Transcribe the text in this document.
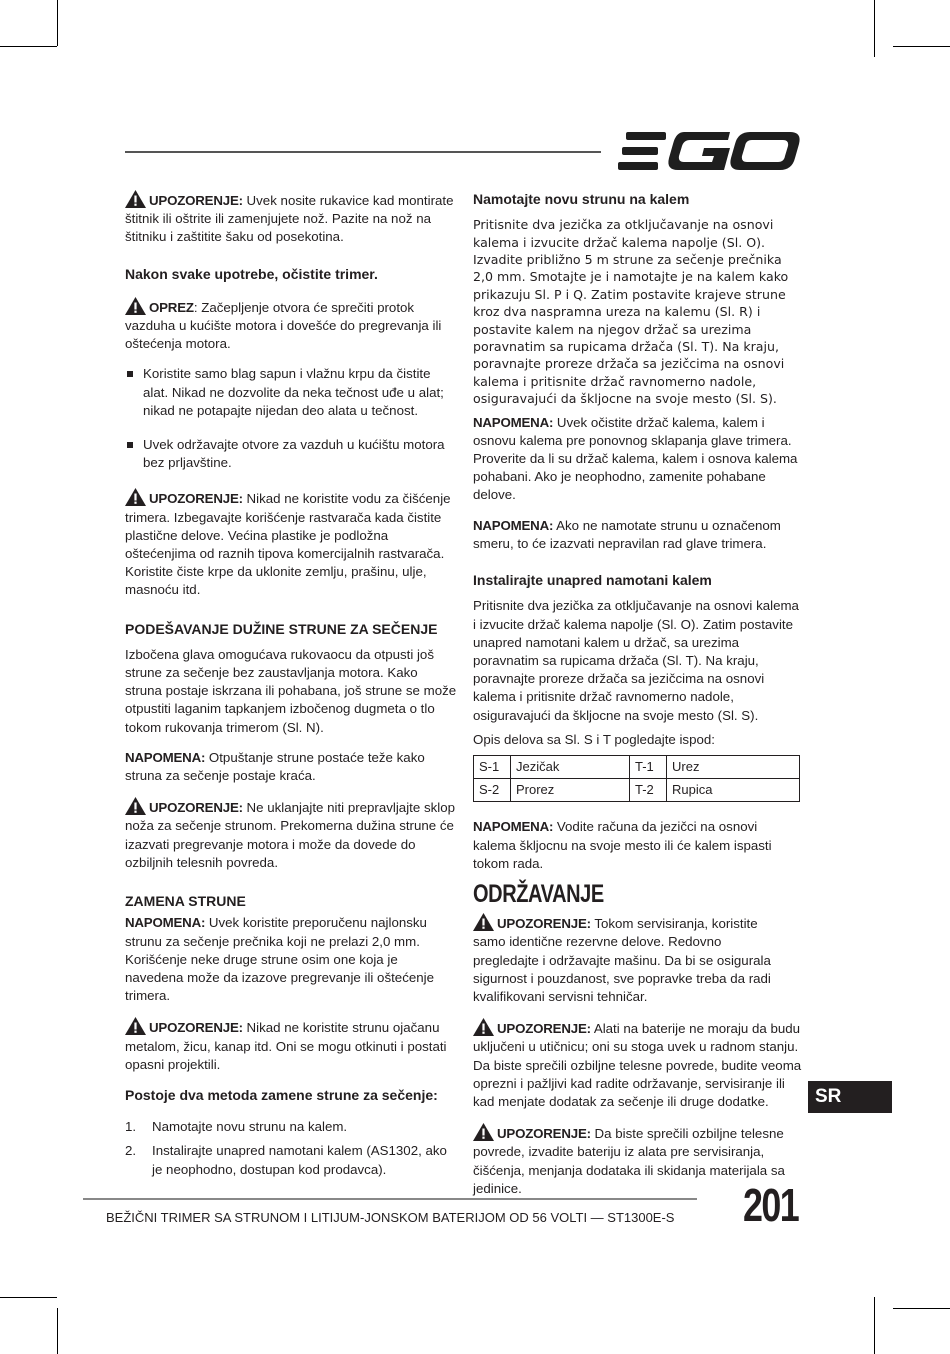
UPOZORENJE: Uvek nosite rukavice kad montirate štitnik ili oštrite ili zamenjujete nož. Pazite na nož na štitniku i zaštitite šaku od posekotina.

Nakon svake upotrebe, očistite trimer.

OPREZ: Začepljenje otvora će sprečiti protok vazduha u kućište motora i dovešće do pregrevanja ili oštećenja motora.

Koristite samo blag sapun i vlažnu krpu da čistite alat. Nikad ne dozvolite da neka tečnost uđe u alat; nikad ne potapajte nijedan deo alata u tečnost.
Uvek održavajte otvore za vazduh u kućištu motora bez prljavštine.

UPOZORENJE: Nikad ne koristite vodu za čišćenje trimera. Izbegavajte korišćenje rastvarača kada čistite plastične delove. Većina plastike je podložna oštećenjima od raznih tipova komercijalnih rastvarača. Koristite čiste krpe da uklonite zemlju, prašinu, ulje, masnoću itd.

PODEŠAVANJE DUŽINE STRUNE ZA SEČENJE

Izbočena glava omogućava rukovaocu da otpusti još strune za sečenje bez zaustavljanja motora. Kako struna postaje iskrzana ili pohabana, još strune se može otpustiti laganim tapkanjem izbočenog dugmeta o tlo tokom rukovanja trimerom (Sl. N).

NAPOMENA: Otpuštanje strune postaće teže kako struna za sečenje postaje kraća.

UPOZORENJE: Ne uklanjajte niti prepravljajte sklop noža za sečenje strunom. Prekomerna dužina strune će izazvati pregrevanje motora i može da dovede do ozbiljnih telesnih povreda.

ZAMENA STRUNE

NAPOMENA: Uvek koristite preporučenu najlonsku strunu za sečenje prečnika koji ne prelazi 2,0 mm. Korišćenje neke druge strune osim one koja je navedena može da izazove pregrevanje ili oštećenje trimera.

UPOZORENJE: Nikad ne koristite strunu ojačanu metalom, žicu, kanap itd. Oni se mogu otkinuti i postati opasni projektili.

Postoje dva metoda zamene strune za sečenje:
1. Namotajte novu strunu na kalem.
2. Instalirajte unapred namotani kalem (AS1302, ako je neophodno, dostupan kod prodavca).
Namotajte novu strunu na kalem

Pritisnite dva jezička za otključavanje na osnovi kalema i izvucite držač kalema napolje (Sl. O). Izvadite približno 5 m strune za sečenje prečnika 2,0 mm. Smotajte je i namotajte je na kalem kako prikazuju Sl. P i Q. Zatim postavite krajeve strune kroz dva naspramna ureza na kalemu (Sl. R) i postavite kalem na njegov držač sa urezima poravnatim sa rupicama držača (Sl. T). Na kraju, poravnajte proreze držača sa jezičcima na osnovi kalema i pritisnite držač ravnomerno nadole, osiguravajući da škljocne na svoje mesto (Sl. S).

NAPOMENA: Uvek očistite držač kalema, kalem i osnovu kalema pre ponovnog sklapanja glave trimera. Proverite da li su držač kalema, kalem i osnova kalema pohabani. Ako je neophodno, zamenite pohabane delove.

NAPOMENA: Ako ne namotate strunu u označenom smeru, to će izazvati nepravilan rad glave trimera.

Instalirajte unapred namotani kalem

Pritisnite dva jezička za otključavanje na osnovi kalema i izvucite držač kalema napolje (Sl. O). Zatim postavite unapred namotani kalem u držač, sa urezima poravnatim sa rupicama držača (Sl. T). Na kraju, poravnajte proreze držača sa jezičcima na osnovi kalema i pritisnite držač ravnomerno nadole, osiguravajući da škljocne na svoje mesto (Sl. S).

Opis delova sa Sl. S i T pogledajte ispod:

S-1	Jezičak	T-1	Urez
S-2	Prorez	T-2	Rupica

NAPOMENA: Vodite računa da jezičci na osnovi kalema škljocnu na svoje mesto ili će kalem ispasti tokom rada.

ODRŽAVANJE

UPOZORENJE: Tokom servisiranja, koristite samo identične rezervne delove. Redovno pregledajte i održavajte mašinu. Da bi se osigurala sigurnost i pouzdanost, sve popravke treba da radi kvalifikovani servisni tehničar.

UPOZORENJE: Alati na baterije ne moraju da budu uključeni u utičnicu; oni su stoga uvek u radnom stanju. Da biste sprečili ozbiljne telesne povrede, budite veoma oprezni i pažljivi kad radite održavanje, servisiranje ili kad menjate dodatak za sečenje ili druge dodatke.

UPOZORENJE: Da biste sprečili ozbiljne telesne povrede, izvadite bateriju iz alata pre servisiranja, čišćenja, menjanja dodataka ili skidanja materijala sa jedinice.

SR
BEŽIČNI TRIMER SA STRUNOM I LITIJUM-JONSKOM BATERIJOM OD 56 VOLTI — ST1300E-S 201
